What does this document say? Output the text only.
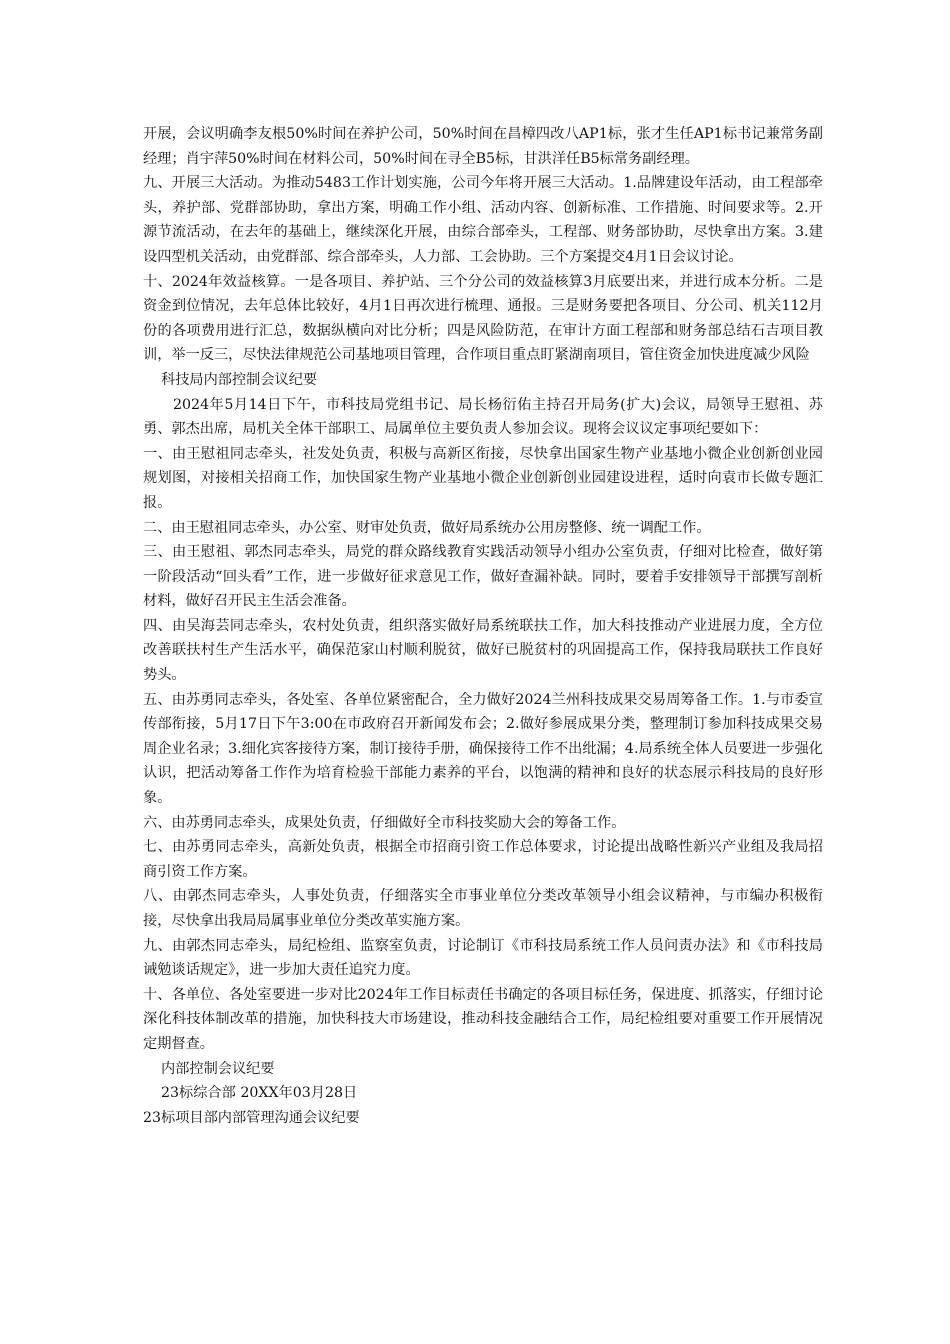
开展，会议明确李友根50%时间在养护公司，50%时间在昌樟四改八AP1标，张才生任AP1标书记兼常务副经理；肖宇萍50%时间在材料公司，50%时间在寻全B5标，甘洪洋任B5标常务副经理。

九、开展三大活动。为推动5483工作计划实施，公司今年将开展三大活动。1.品牌建设年活动，由工程部牵头，养护部、党群部协助，拿出方案，明确工作小组、活动内容、创新标准、工作措施、时间要求等。2.开源节流活动，在去年的基础上，继续深化开展，由综合部牵头，工程部、财务部协助，尽快拿出方案。3.建设四型机关活动，由党群部、综合部牵头，人力部、工会协助。三个方案提交4月1日会议讨论。

十、2024年效益核算。一是各项目、养护站、三个分公司的效益核算3月底要出来，并进行成本分析。二是资金到位情况，去年总体比较好，4月1日再次进行梳理、通报。三是财务要把各项目、分公司、机关112月份的各项费用进行汇总，数据纵横向对比分析；四是风险防范，在审计方面工程部和财务部总结石吉项目教训，举一反三，尽快法律规范公司基地项目管理，合作项目重点盯紧湖南项目，管住资金加快进度减少风险

科技局内部控制会议纪要

2024年5月14日下午，市科技局党组书记、局长杨衍佑主持召开局务(扩大)会议，局领导王慰祖、苏勇、郭杰出席，局机关全体干部职工、局属单位主要负责人参加会议。现将会议议定事项纪要如下：

一、由王慰祖同志牵头，社发处负责，积极与高新区衔接，尽快拿出国家生物产业基地小微企业创新创业园规划图，对接相关招商工作，加快国家生物产业基地小微企业创新创业园建设进程，适时向袁市长做专题汇报。

二、由王慰祖同志牵头，办公室、财审处负责，做好局系统办公用房整修、统一调配工作。

三、由王慰祖、郭杰同志牵头，局党的群众路线教育实践活动领导小组办公室负责，仔细对比检查，做好第一阶段活动“回头看”工作，进一步做好征求意见工作，做好查漏补缺。同时，要着手安排领导干部撰写剖析材料，做好召开民主生活会准备。

四、由吴海芸同志牵头，农村处负责，组织落实做好局系统联扶工作，加大科技推动产业进展力度，全方位改善联扶村生产生活水平，确保范家山村顺利脱贫，做好已脱贫村的巩固提高工作，保持我局联扶工作良好势头。

五、由苏勇同志牵头，各处室、各单位紧密配合，全力做好2024兰州科技成果交易周筹备工作。1.与市委宣传部衔接，5月17日下午3:00在市政府召开新闻发布会；2.做好参展成果分类，整理制订参加科技成果交易周企业名录；3.细化宾客接待方案，制订接待手册，确保接待工作不出纰漏；4.局系统全体人员要进一步强化认识，把活动筹备工作作为培育检验干部能力素养的平台，以饱满的精神和良好的状态展示科技局的良好形象。

六、由苏勇同志牵头，成果处负责，仔细做好全市科技奖励大会的筹备工作。

七、由苏勇同志牵头，高新处负责，根据全市招商引资工作总体要求，讨论提出战略性新兴产业组及我局招商引资工作方案。

八、由郭杰同志牵头，人事处负责，仔细落实全市事业单位分类改革领导小组会议精神，与市编办积极衔接，尽快拿出我局局属事业单位分类改革实施方案。

九、由郭杰同志牵头，局纪检组、监察室负责，讨论制订《市科技局系统工作人员问责办法》和《市科技局诫勉谈话规定》，进一步加大责任追究力度。

十、各单位、各处室要进一步对比2024年工作目标责任书确定的各项目标任务，保进度、抓落实，仔细讨论深化科技体制改革的措施，加快科技大市场建设，推动科技金融结合工作，局纪检组要对重要工作开展情况定期督查。

内部控制会议纪要

23标综合部 20XX年03月28日

23标项目部内部管理沟通会议纪要
